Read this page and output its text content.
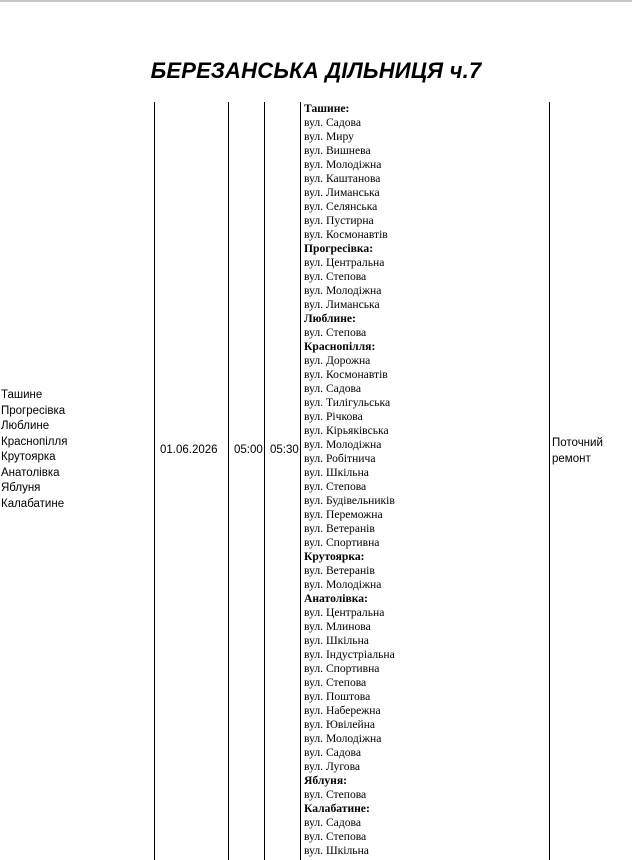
БЕРЕЗАНСЬКА ДІЛЬНИЦЯ ч.7
Ташине
Прогресівка
Люблине
Краснопілля
Крутоярка
Анатолівка
Яблуня
Калабатине
01.06.2026 05:00 05:30
Ташине:
вул. Садова
вул. Миру
вул. Вишнева
вул. Молодіжна
вул. Каштанова
вул. Лиманська
вул. Селянська
вул. Пустирна
вул. Космонавтів
Прогресівка:
вул. Центральна
вул. Степова
вул. Молодіжна
вул. Лиманська
Люблине:
вул. Степова
Краснопілля:
вул. Дорожна
вул. Космонавтів
вул. Садова
вул. Тилігульська
вул. Річкова
вул. Кірьяківська
вул. Молодіжна
вул. Робітнича
вул. Шкільна
вул. Степова
вул. Будівельників
вул. Переможна
вул. Ветеранів
вул. Спортивна
Крутоярка:
вул. Ветеранів
вул. Молодіжна
Анатолівка:
вул. Центральна
вул. Млинова
вул. Шкільна
вул. Індустріальна
вул. Спортивна
вул. Степова
вул. Поштова
вул. Набережна
вул. Ювілейна
вул. Молодіжна
вул. Садова
вул. Лугова
Яблуня:
вул. Степова
Калабатине:
вул. Садова
вул. Степова
вул. Шкільна
Поточний ремонт
